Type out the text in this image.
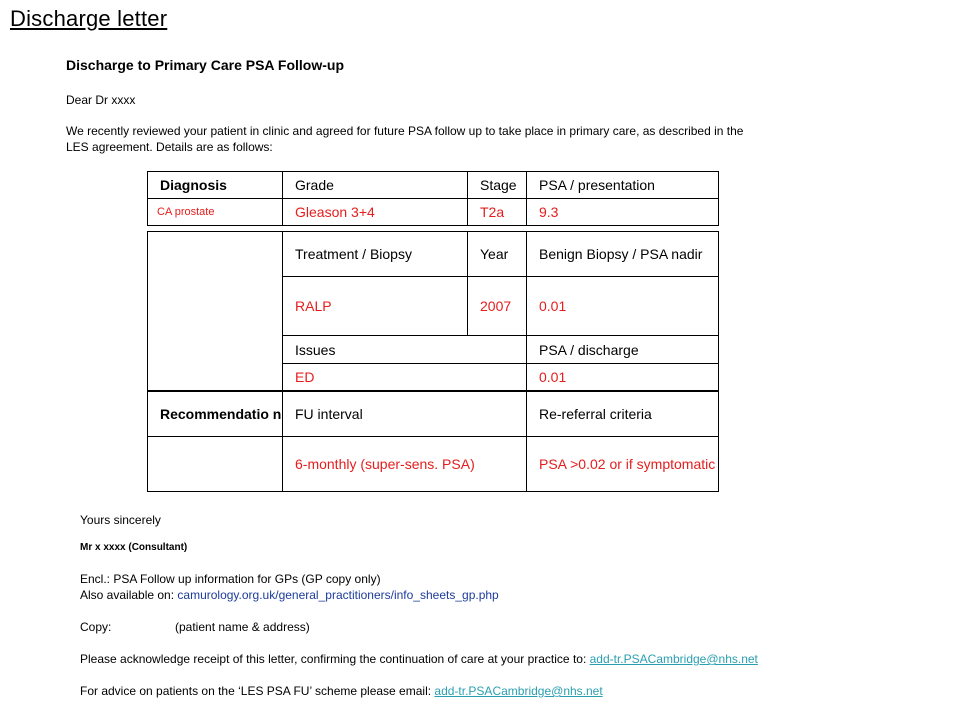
Discharge letter
Discharge to Primary Care PSA Follow-up
Dear Dr xxxx
We recently reviewed your patient in clinic and agreed for future PSA follow up to take place in primary care, as described in the
LES agreement. Details are as follows:
Diagnosis	Grade	Stage	PSA / presentation
CA prostate	Gleason 3+4	T2a	9.3
	Treatment / Biopsy	Year	Benign Biopsy / PSA nadir
	RALP	2007	0.01
	Issues		PSA / discharge
	ED		0.01
Recommendatio n	FU interval		Re-referral criteria
	6-monthly (super-sens. PSA)		PSA >0.02 or if symptomatic
Yours sincerely
Mr x xxxx (Consultant)
Encl.: PSA Follow up information for GPs (GP copy only)
Also available on: camurology.org.uk/general_practitioners/info_sheets_gp.php
Copy:	(patient name & address)
Please acknowledge receipt of this letter, confirming the continuation of care at your practice to: add-tr.PSACambridge@nhs.net
For advice on patients on the ‘LES PSA FU’ scheme please email: add-tr.PSACambridge@nhs.net
